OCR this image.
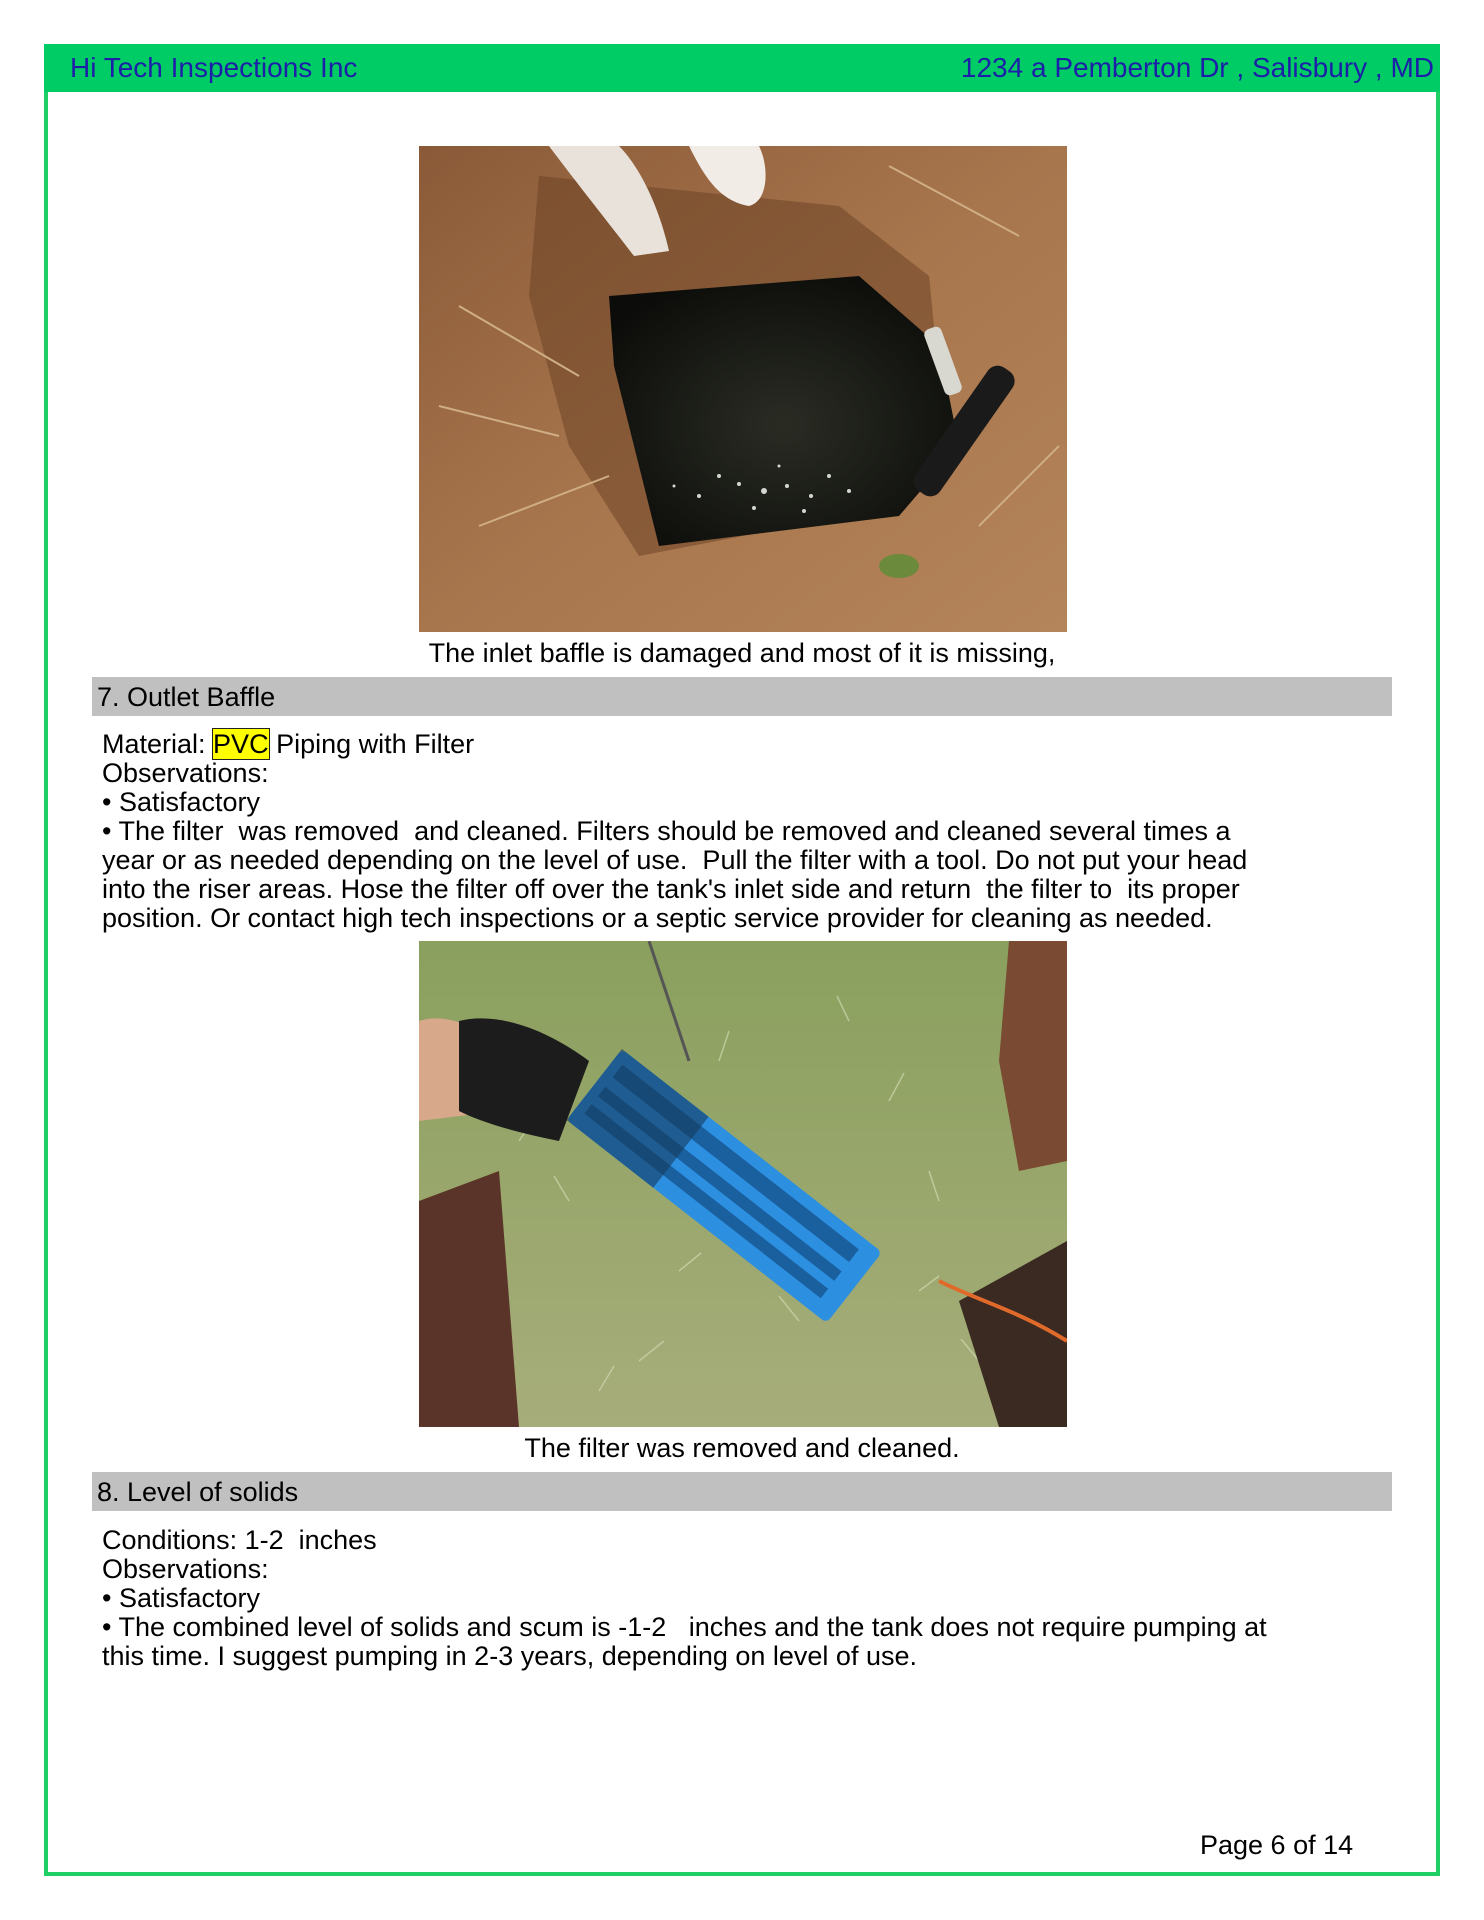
Hi Tech Inspections Inc	1234 a Pemberton Dr , Salisbury , MD
The inlet baffle is damaged and most of it is missing,
7. Outlet Baffle
Material: PVC Piping with Filter
Observations:
• Satisfactory
• The filter  was removed  and cleaned. Filters should be removed and cleaned several times a
year or as needed depending on the level of use.  Pull the filter with a tool. Do not put your head
into the riser areas. Hose the filter off over the tank's inlet side and return  the filter to  its proper
position. Or contact high tech inspections or a septic service provider for cleaning as needed.
The filter was removed and cleaned.
8. Level of solids
Conditions: 1-2  inches
Observations:
• Satisfactory
• The combined level of solids and scum is -1-2   inches and the tank does not require pumping at
this time. I suggest pumping in 2-3 years, depending on level of use.
Page 6 of 14
